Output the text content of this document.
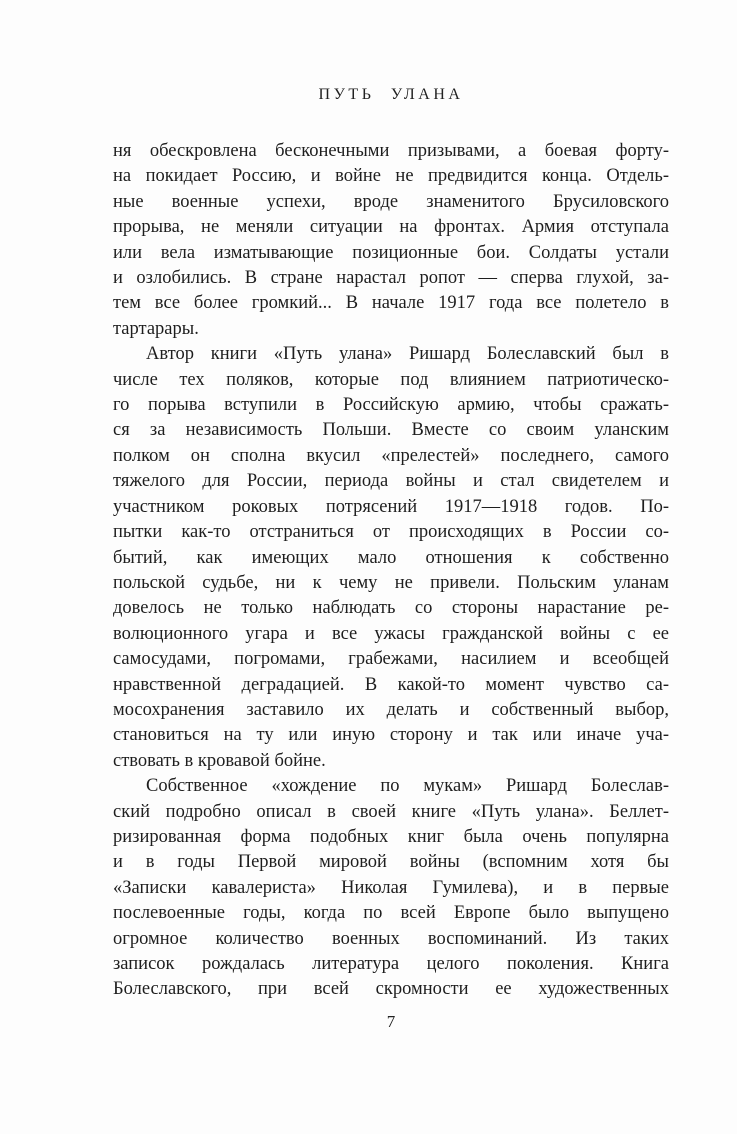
ПУТЬ УЛАНА
ня обескровлена бесконечными призывами, а боевая форту-
на покидает Россию, и войне не предвидится конца. Отдель-
ные военные успехи, вроде знаменитого Брусиловского
прорыва, не меняли ситуации на фронтах. Армия отступала
или вела изматывающие позиционные бои. Солдаты устали
и озлобились. В стране нарастал ропот — сперва глухой, за-
тем все более громкий... В начале 1917 года все полетело в
тартарары.
Автор книги «Путь улана» Ришард Болеславский был в
числе тех поляков, которые под влиянием патриотическо-
го порыва вступили в Российскую армию, чтобы сражать-
ся за независимость Польши. Вместе со своим уланским
полком он сполна вкусил «прелестей» последнего, самого
тяжелого для России, периода войны и стал свидетелем и
участником роковых потрясений 1917—1918 годов. По-
пытки как-то отстраниться от происходящих в России со-
бытий, как имеющих мало отношения к собственно
польской судьбе, ни к чему не привели. Польским уланам
довелось не только наблюдать со стороны нарастание ре-
волюционного угара и все ужасы гражданской войны с ее
самосудами, погромами, грабежами, насилием и всеобщей
нравственной деградацией. В какой-то момент чувство са-
мосохранения заставило их делать и собственный выбор,
становиться на ту или иную сторону и так или иначе уча-
ствовать в кровавой бойне.
Собственное «хождение по мукам» Ришард Болеслав-
ский подробно описал в своей книге «Путь улана». Беллет-
ризированная форма подобных книг была очень популярна
и в годы Первой мировой войны (вспомним хотя бы
«Записки кавалериста» Николая Гумилева), и в первые
послевоенные годы, когда по всей Европе было выпущено
огромное количество военных воспоминаний. Из таких
записок рождалась литература целого поколения. Книга
Болеславского, при всей скромности ее художественных
7
